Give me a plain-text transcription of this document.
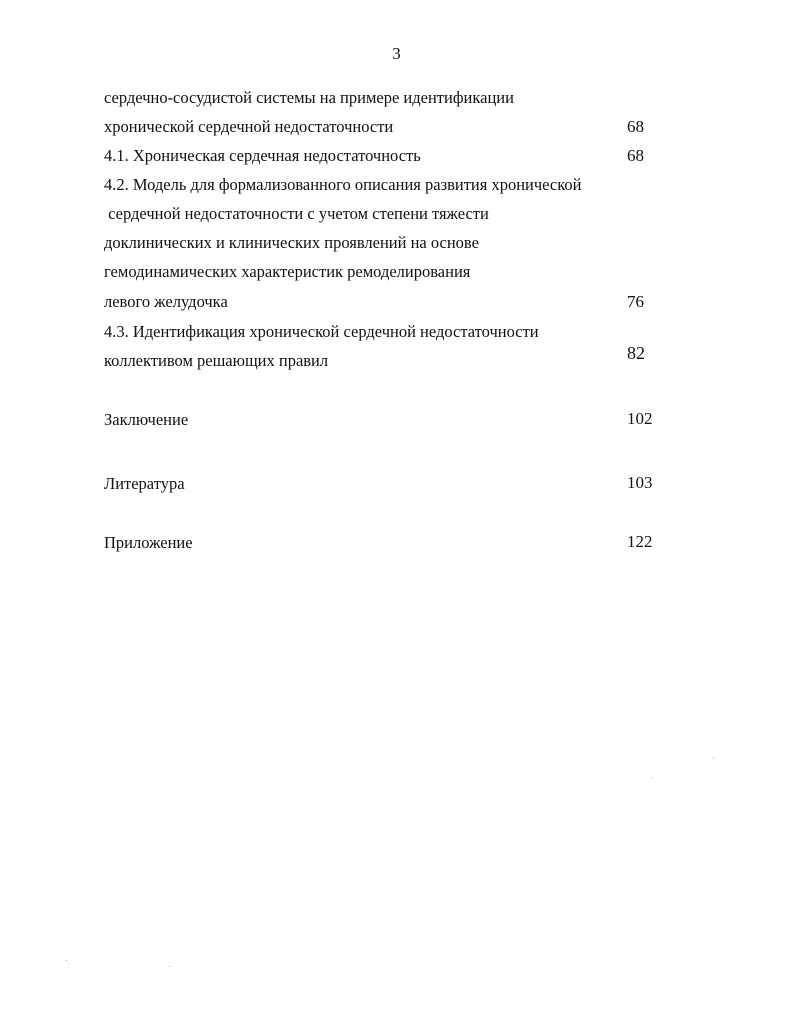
3
сердечно-сосудистой системы на примере идентификации
хронической сердечной недостаточности	68
4.1. Хроническая сердечная недостаточность	68
4.2. Модель для формализованного описания развития хронической
сердечной недостаточности с учетом степени тяжести
доклинических и клинических проявлений на основе
гемодинамических характеристик ремоделирования
левого желудочка	76
4.3. Идентификация хронической сердечной недостаточности
коллективом решающих правил	82
Заключение	102
Литература	103
Приложение	122
